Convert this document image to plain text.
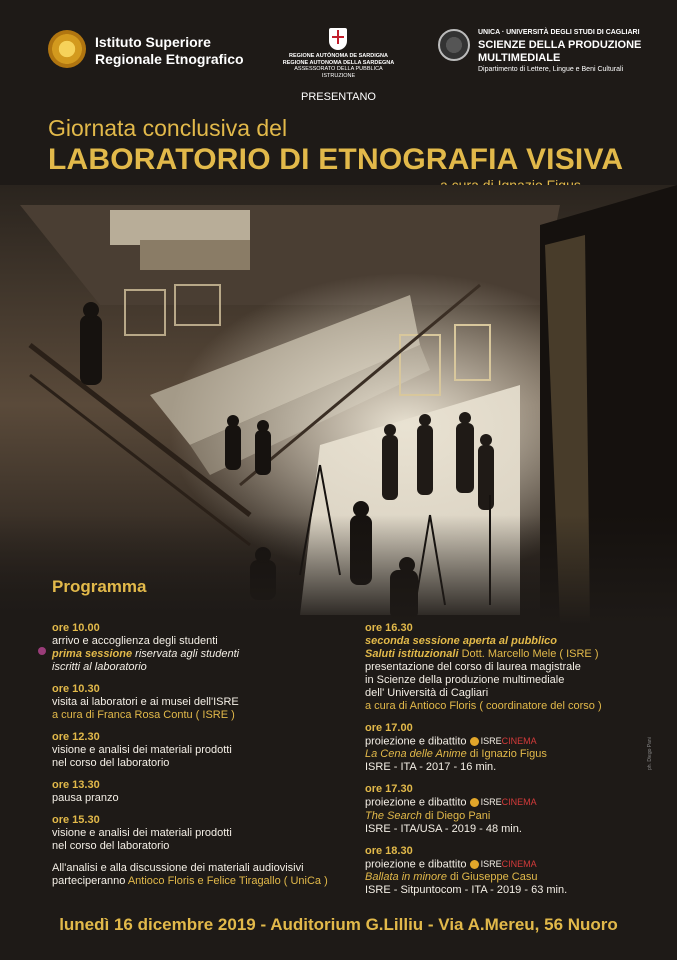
Istituto Superiore
Regionale Etnografico	REGIONE AUTÒNOMA DE SARDIGNA
REGIONE AUTONOMA DELLA SARDEGNA
ASSESSORATO DELLA PUBBLICA ISTRUZIONE
UNICA · UNIVERSITÀ DEGLI STUDI DI CAGLIARI
SCIENZE DELLA PRODUZIONE
MULTIMEDIALE
Dipartimento di Lettere, Lingue e Beni Culturali
PRESENTANO
Giornata conclusiva del
LABORATORIO DI ETNOGRAFIA VISIVA
ph. Diego Pani
Programma
ore 10.00
arrivo e accoglienza degli studenti
prima sessione riservata agli studenti
iscritti al laboratorio
ore 10.30
visita ai laboratori e ai musei dell'ISRE
a cura di Franca Rosa Contu ( ISRE )
ore 12.30
visione e analisi dei materiali prodotti
nel corso del laboratorio
ore 13.30
pausa pranzo
ore 15.30
visione e analisi dei materiali prodotti
nel corso del laboratorio
All'analisi e alla discussione dei materiali audiovisivi
parteciperanno Antioco Floris e Felice Tiragallo ( UniCa )
ore 16.30
seconda sessione aperta al pubblico
Saluti istituzionali Dott. Marcello Mele ( ISRE )
presentazione del corso di laurea magistrale
in Scienze della produzione multimediale
dell' Università di Cagliari
a cura di Antioco Floris ( coordinatore del corso )
ore 17.00
proiezione e dibattito ISRE CINEMA
La Cena delle Anime di Ignazio Figus
ISRE - ITA - 2017 - 16 min.
ore 17.30
proiezione e dibattito ISRE CINEMA
The Search di Diego Pani
ISRE - ITA/USA - 2019 - 48 min.
ore 18.30
proiezione e dibattito ISRE CINEMA
Ballata in minore di Giuseppe Casu
ISRE - Sitpuntocom - ITA - 2019 - 63 min.
lunedì 16 dicembre 2019 - Auditorium G.Lilliu - Via A.Mereu, 56 Nuoro
